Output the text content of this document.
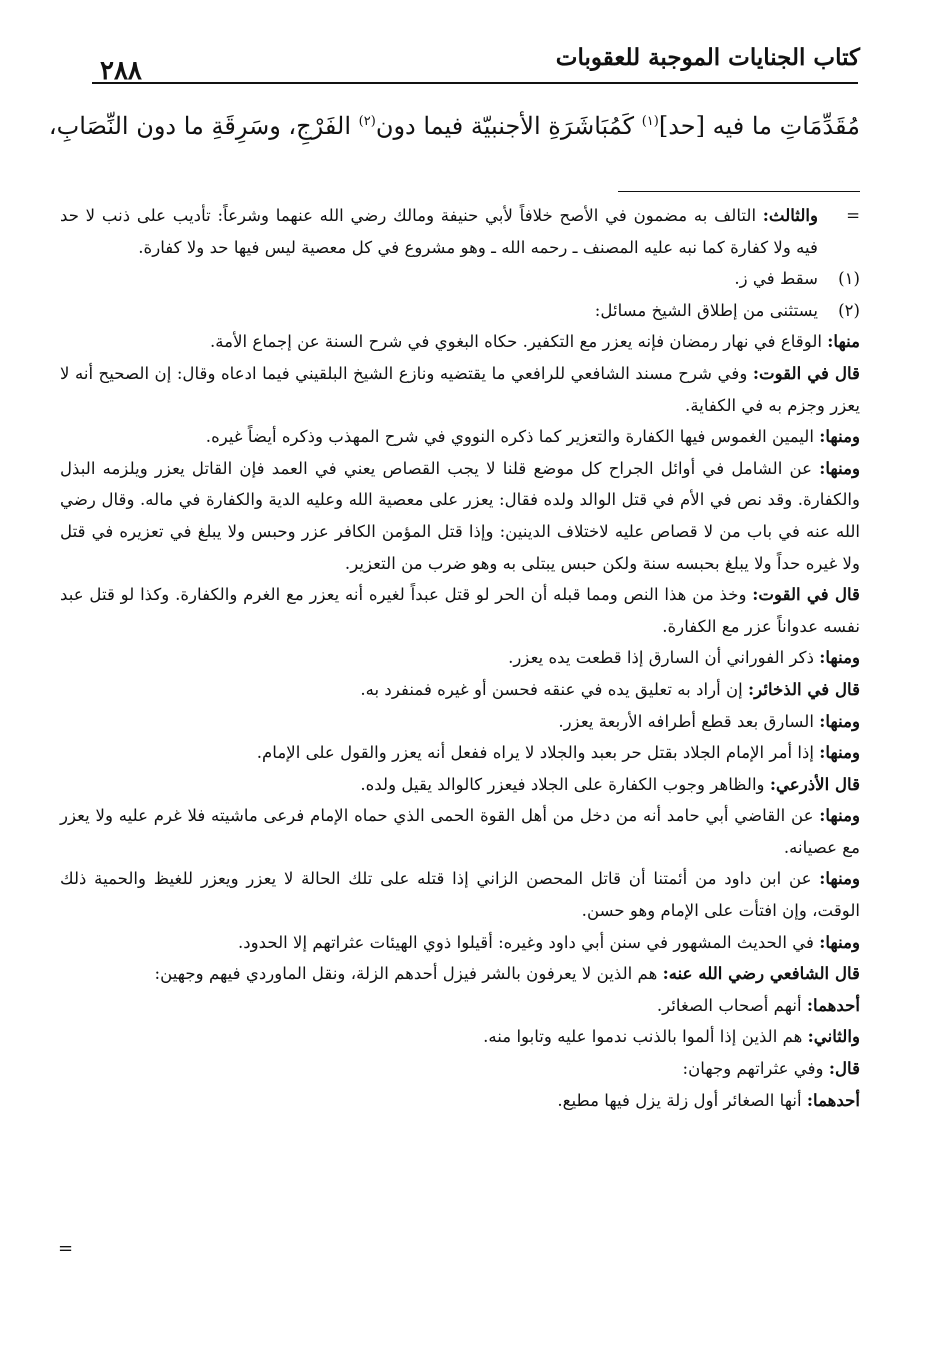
كتاب الجنايات الموجبة للعقوبات
٢٨٨
مُقَدِّمَاتِ ما فيه [حد]$^{(١)}$ كَمُبَاشَرَةِ الأجنبيّة فيما دون$^{(٢)}$ الفَرْجِ، وسَرِقَةِ ما دون النِّصَابِ،
=

والثالث: التالف به مضمون في الأصح خلافاً لأبي حنيفة ومالك رضي الله عنهما وشرعاً: تأديب على ذنب لا حد فيه ولا كفارة كما نبه عليه المصنف ـ رحمه الله ـ وهو مشروع في كل معصية ليس فيها حد ولا كفارة.

(١)

سقط في ز.

(٢)

يستثنى من إطلاق الشيخ مسائل:

منها: الوقاع في نهار رمضان فإنه يعزر مع التكفير. حكاه البغوي في شرح السنة عن إجماع الأمة.

قال في القوت: وفي شرح مسند الشافعي للرافعي ما يقتضيه ونازع الشيخ البلقيني فيما ادعاه وقال: إن الصحيح أنه لا يعزر وجزم به في الكفاية.

ومنها: اليمين الغموس فيها الكفارة والتعزير كما ذكره النووي في شرح المهذب وذكره أيضاً غيره.

ومنها: عن الشامل في أوائل الجراح كل موضع قلنا لا يجب القصاص يعني في العمد فإن القاتل يعزر ويلزمه البذل والكفارة. وقد نص في الأم في قتل الوالد ولده فقال: يعزر على معصية الله وعليه الدية والكفارة في ماله. وقال رضي الله عنه في باب من لا قصاص عليه لاختلاف الدينين: وإذا قتل المؤمن الكافر عزر وحبس ولا يبلغ في تعزيره في قتل ولا غيره حداً ولا يبلغ بحبسه سنة ولكن حبس يبتلى به وهو ضرب من التعزير.

قال في القوت: وخذ من هذا النص ومما قبله أن الحر لو قتل عبداً لغيره أنه يعزر مع الغرم والكفارة. وكذا لو قتل عبد نفسه عدواناً عزر مع الكفارة.

ومنها: ذكر الفوراني أن السارق إذا قطعت يده يعزر.

قال في الذخائر: إن أراد به تعليق يده في عنقه فحسن أو غيره فمنفرد به.

ومنها: السارق بعد قطع أطرافه الأربعة يعزر.

ومنها: إذا أمر الإمام الجلاد بقتل حر بعبد والجلاد لا يراه ففعل أنه يعزر والقول على الإمام.

قال الأذرعي: والظاهر وجوب الكفارة على الجلاد فيعزر كالوالد يقيل ولده.

ومنها: عن القاضي أبي حامد أنه من دخل من أهل القوة الحمى الذي حماه الإمام فرعى ماشيته فلا غرم عليه ولا يعزر مع عصيانه.

ومنها: عن ابن داود من أئمتنا أن قاتل المحصن الزاني إذا قتله على تلك الحالة لا يعزر ويعزر للغيظ والحمية ذلك الوقت، وإن افتأت على الإمام وهو حسن.

ومنها: في الحديث المشهور في سنن أبي داود وغيره: أقيلوا ذوي الهيئات عثراتهم إلا الحدود.

قال الشافعي رضي الله عنه: هم الذين لا يعرفون بالشر فيزل أحدهم الزلة، ونقل الماوردي فيهم وجهين:

أحدهما: أنهم أصحاب الصغائر.

والثاني: هم الذين إذا ألموا بالذنب ندموا عليه وتابوا منه.

قال: وفي عثراتهم وجهان:

أحدهما: أنها الصغائر أول زلة يزل فيها مطيع.

=
